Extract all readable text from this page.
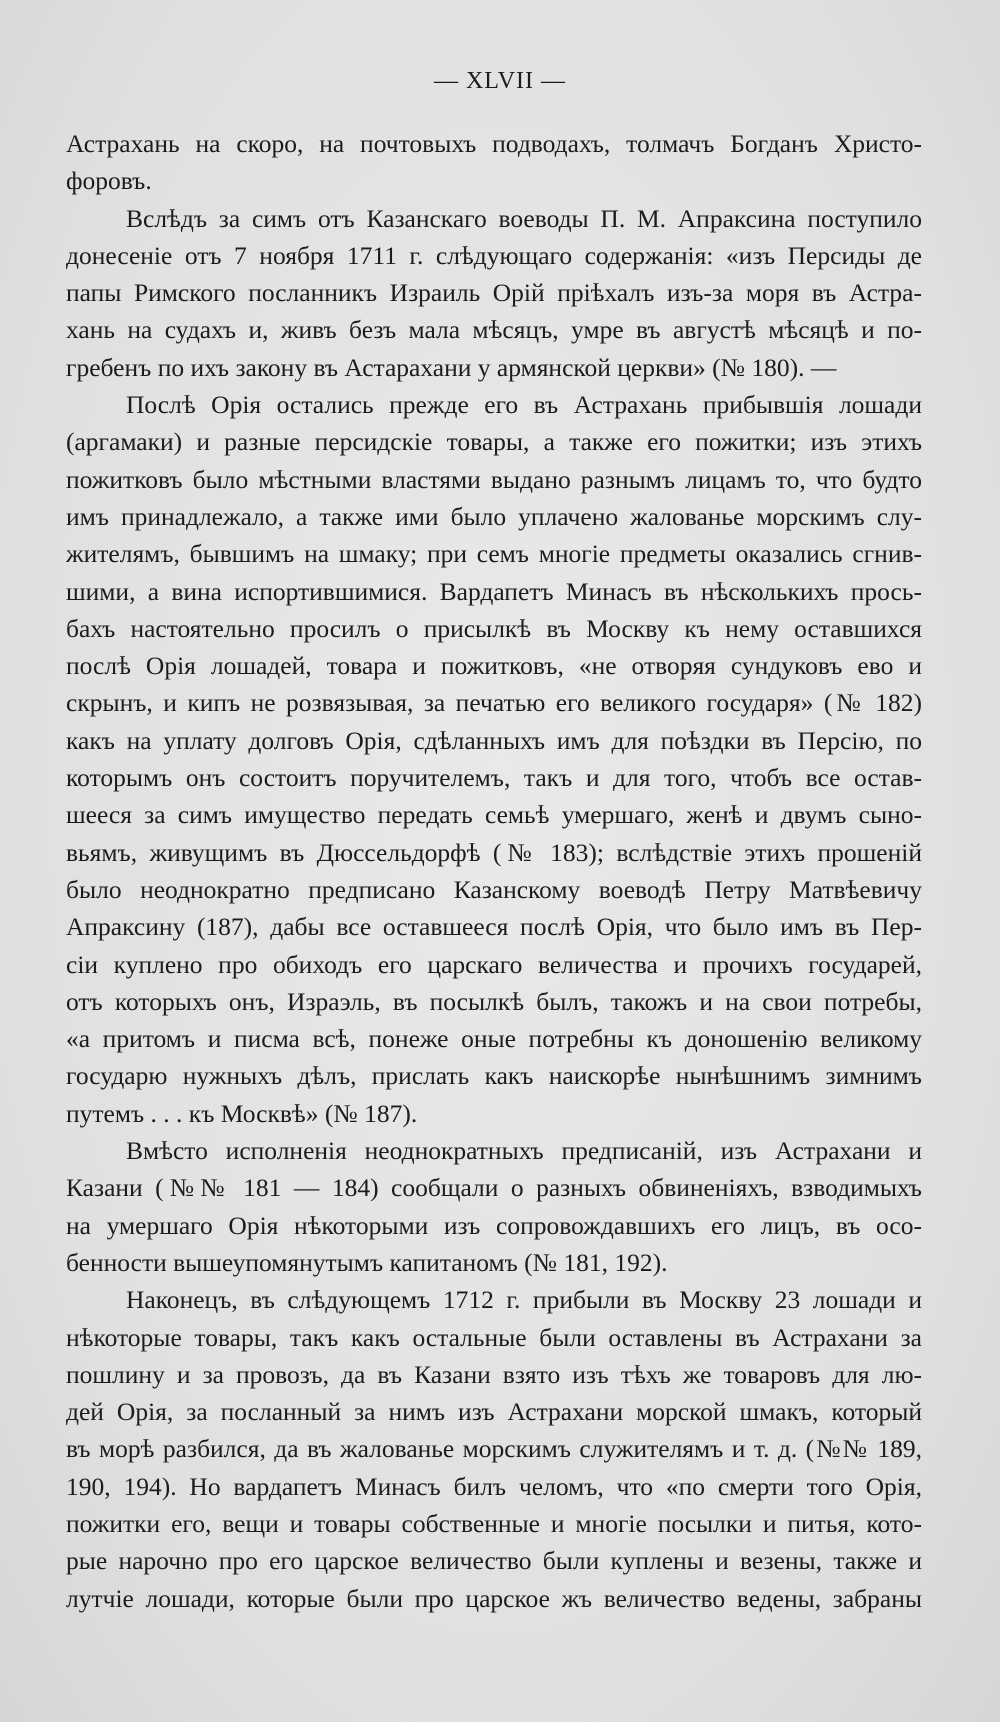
— XLVII —
Астрахань на скоро, на почтовыхъ подводахъ, толмачъ Богданъ Христо-
форовъ.
Вслѣдъ за симъ отъ Казанскаго воеводы П. М. Апраксина поступило
донесеніе отъ 7 ноября 1711 г. слѣдующаго содержанія: «изъ Персиды де
папы Римского посланникъ Израиль Орій пріѣхалъ изъ-за моря въ Астра-
хань на судахъ и, живъ безъ мала мѣсяцъ, умре въ августѣ мѣсяцѣ и по-
гребенъ по ихъ закону въ Астарахани у армянской церкви» (№ 180). —
Послѣ Орія остались прежде его въ Астрахань прибывшія лошади
(аргамаки) и разные персидскіе товары, а также его пожитки; изъ этихъ
пожитковъ было мѣстными властями выдано разнымъ лицамъ то, что будто
имъ принадлежало, а также ими было уплачено жалованье морскимъ слу-
жителямъ, бывшимъ на шмаку; при семъ многіе предметы оказались сгнив-
шими, а вина испортившимися. Вардапетъ Минасъ въ нѣсколькихъ прось-
бахъ настоятельно просилъ о присылкѣ въ Москву къ нему оставшихся
послѣ Орія лошадей, товара и пожитковъ, «не отворяя сундуковъ ево и
скрынъ, и кипъ не розвязывая, за печатью его великого государя» (№ 182)
какъ на уплату долговъ Орія, сдѣланныхъ имъ для поѣздки въ Персію, по
которымъ онъ состоитъ поручителемъ, такъ и для того, чтобъ все остав-
шееся за симъ имущество передать семьѣ умершаго, женѣ и двумъ сыно-
вьямъ, живущимъ въ Дюссельдорфѣ (№ 183); вслѣдствіе этихъ прошеній
было неоднократно предписано Казанскому воеводѣ Петру Матвѣевичу
Апраксину (187), дабы все оставшееся послѣ Орія, что было имъ въ Пер-
сіи куплено про обиходъ его царскаго величества и прочихъ государей,
отъ которыхъ онъ, Израэль, въ посылкѣ былъ, такожъ и на свои потребы,
«а притомъ и писма всѣ, понеже оные потребны къ доношенію великому
государю нужныхъ дѣлъ, прислать какъ наискорѣе нынѣшнимъ зимнимъ
путемъ . . . къ Москвѣ» (№ 187).
Вмѣсто исполненія неоднократныхъ предписаній, изъ Астрахани и
Казани (№№ 181 — 184) сообщали о разныхъ обвиненіяхъ, взводимыхъ
на умершаго Орія нѣкоторыми изъ сопровождавшихъ его лицъ, въ осо-
бенности вышеупомянутымъ капитаномъ (№ 181, 192).
Наконецъ, въ слѣдующемъ 1712 г. прибыли въ Москву 23 лошади и
нѣкоторые товары, такъ какъ остальные были оставлены въ Астрахани за
пошлину и за провозъ, да въ Казани взято изъ тѣхъ же товаровъ для лю-
дей Орія, за посланный за нимъ изъ Астрахани морской шмакъ, который
въ морѣ разбился, да въ жалованье морскимъ служителямъ и т. д. (№№ 189,
190, 194). Но вардапетъ Минасъ билъ челомъ, что «по смерти того Орія,
пожитки его, вещи и товары собственные и многіе посылки и питья, кото-
рые нарочно про его царское величество были куплены и везены, также и
лутчіе лошади, которые были про царское жъ величество ведены, забраны
